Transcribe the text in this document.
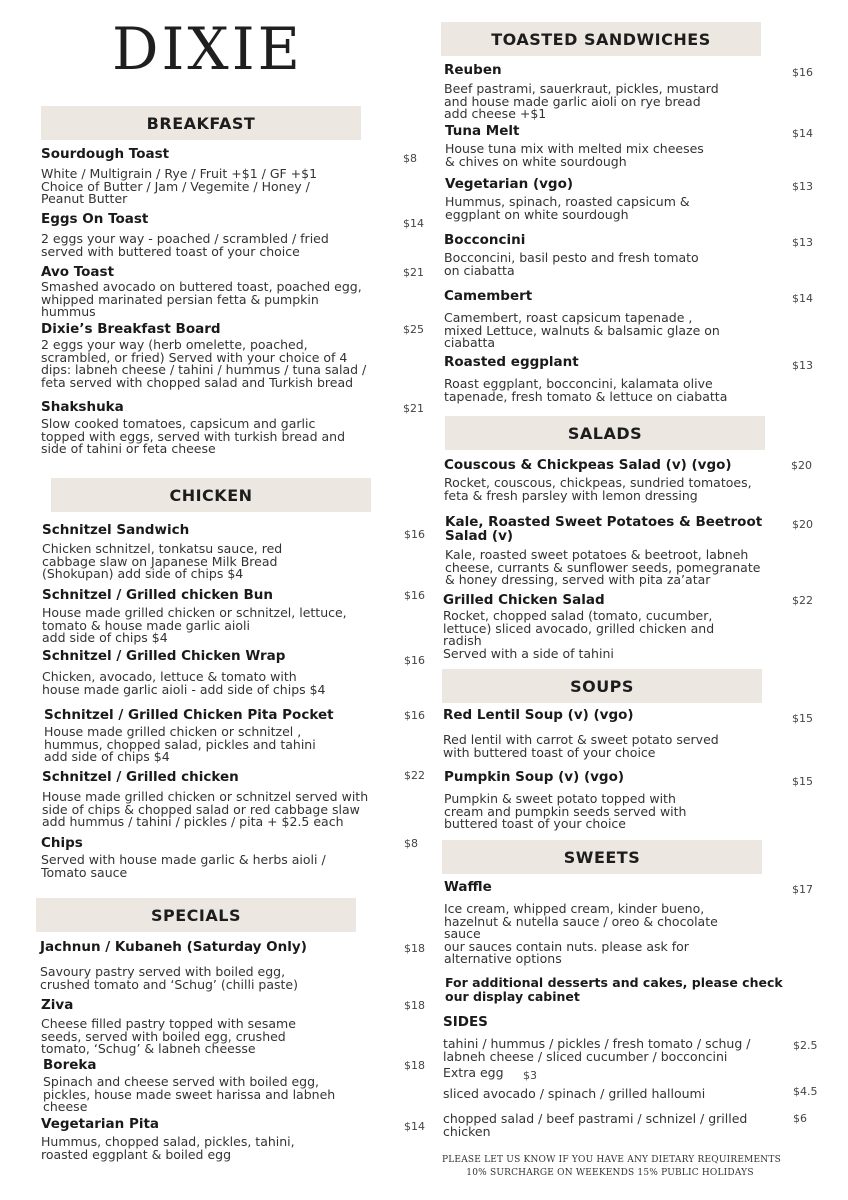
DIXIE
BREAKFAST
Sourdough Toast	$8
White / Multigrain / Rye / Fruit +$1 / GF +$1
Choice of Butter / Jam / Vegemite / Honey /
Peanut Butter
Eggs On Toast	$14
2 eggs your way - poached / scrambled / fried
served with buttered toast of your choice
Avo Toast	$21
Smashed avocado on buttered toast, poached egg,
whipped marinated persian fetta & pumpkin
hummus
Dixie’s Breakfast Board	$25
2 eggs your way (herb omelette, poached,
scrambled, or fried) Served with your choice of 4
dips: labneh cheese / tahini / hummus / tuna salad /
feta served with chopped salad and Turkish bread
Shakshuka	$21
Slow cooked tomatoes, capsicum and garlic
topped with eggs, served with turkish bread and
side of tahini or feta cheese
CHICKEN
Schnitzel Sandwich	$16
Chicken schnitzel, tonkatsu sauce, red
cabbage slaw on Japanese Milk Bread
(Shokupan) add side of chips $4
Schnitzel / Grilled chicken Bun	$16
House made grilled chicken or schnitzel, lettuce,
tomato & house made garlic aioli
add side of chips $4
Schnitzel / Grilled Chicken Wrap	$16
Chicken, avocado, lettuce & tomato with
house made garlic aioli - add side of chips $4
Schnitzel / Grilled Chicken Pita Pocket	$16
House made grilled chicken or schnitzel ,
hummus, chopped salad, pickles and tahini
add side of chips $4
Schnitzel / Grilled chicken	$22
House made grilled chicken or schnitzel served with
side of chips & chopped salad or red cabbage slaw
add hummus / tahini / pickles / pita + $2.5 each
Chips	$8
Served with house made garlic & herbs aioli /
Tomato sauce
SPECIALS
Jachnun / Kubaneh (Saturday Only)	$18
Savoury pastry served with boiled egg,
crushed tomato and ‘Schug’ (chilli paste)
Ziva	$18
Cheese filled pastry topped with sesame
seeds, served with boiled egg, crushed
tomato, ‘Schug’ & labneh cheesse
Boreka	$18
Spinach and cheese served with boiled egg,
pickles, house made sweet harissa and labneh
cheese
Vegetarian Pita	$14
Hummus, chopped salad, pickles, tahini,
roasted eggplant & boiled egg
TOASTED SANDWICHES
Reuben	$16
Beef pastrami, sauerkraut, pickles, mustard
and house made garlic aioli on rye bread
add cheese +$1
Tuna Melt	$14
House tuna mix with melted mix cheeses
& chives on white sourdough
Vegetarian (vgo)	$13
Hummus, spinach, roasted capsicum &
eggplant on white sourdough
Bocconcini	$13
Bocconcini, basil pesto and fresh tomato
on ciabatta
Camembert	$14
Camembert, roast capsicum tapenade ,
mixed Lettuce, walnuts & balsamic glaze on
ciabatta
Roasted eggplant	$13
Roast eggplant, bocconcini, kalamata olive
tapenade, fresh tomato & lettuce on ciabatta
SALADS
Couscous & Chickpeas Salad (v) (vgo)	$20
Rocket, couscous, chickpeas, sundried tomatoes,
feta & fresh parsley with lemon dressing
Kale, Roasted Sweet Potatoes & Beetroot Salad (v)
$20
Kale, roasted sweet potatoes & beetroot, labneh
cheese, currants & sunflower seeds, pomegranate
& honey dressing, served with pita za’atar
Grilled Chicken Salad	$22
Rocket, chopped salad (tomato, cucumber,
lettuce) sliced avocado, grilled chicken and
radish
Served with a side of tahini
SOUPS
Red Lentil Soup (v) (vgo)	$15
Red lentil with carrot & sweet potato served
with buttered toast of your choice
Pumpkin Soup (v) (vgo)	$15
Pumpkin & sweet potato topped with
cream and pumpkin seeds served with
buttered toast of your choice
SWEETS
Waffle	$17
Ice cream, whipped cream, kinder bueno,
hazelnut & nutella sauce / oreo & chocolate
sauce
our sauces contain nuts. please ask for
alternative options
For additional desserts and cakes, please check
our display cabinet
SIDES
tahini / hummus / pickles / fresh tomato / schug /
labneh cheese / sliced cucumber / bocconcini
$2.5
Extra egg $3
sliced avocado / spinach / grilled halloumi	$4.5
chopped salad / beef pastrami / schnizel / grilled
chicken
$6
PLEASE LET US KNOW IF YOU HAVE ANY DIETARY REQUIREMENTS
10% SURCHARGE ON WEEKENDS 15% PUBLIC HOLIDAYS
